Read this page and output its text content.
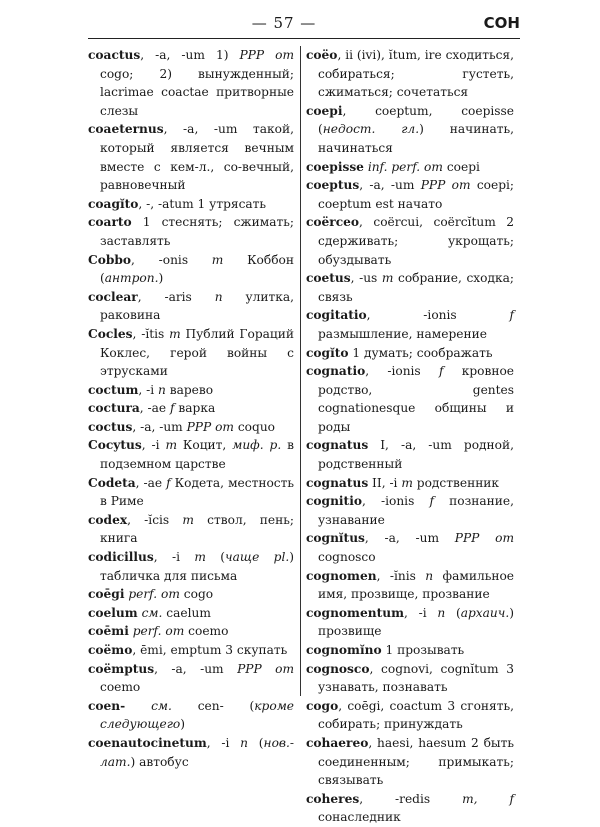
— 57 —	СОН

coactus, -a, -um 1) PPP от cogo; 2) вынужденный; lacrimae coactae притворные слезы

coaeternus, -a, -um такой, который является вечным вместе с кем-л., со-вечный, равновечный

coagĭto, -, -atum 1 утрясать

coarto 1 стеснять; сжимать; заставлять

Cobbo, -onis m Коббон (антроп.)

coclear, -aris n улитка, раковина

Cocles, -ĭtis m Публий Гораций Коклес, герой войны с этрусками

coctum, -i n варево

coctura, -ae f варка

coctus, -a, -um PPP от coquo

Cocytus, -i m Коцит, миф. р. в подземном царстве

Codeta, -ae f Кодета, местность в Риме

codex, -ĭcis m ствол, пень; книга

codicillus, -i m (чаще pl.) табличка для письма

coēgi perf. от cogo

coelum см. caelum

coēmi perf. от coemo

coëmo, ēmi, emptum 3 скупать

coëmptus, -a, -um PPP от coemo

coen- см. cen- (кроме следующего)

coenautocinetum, -i n (нов.-лат.) автобус

coëo, ii (ivi), ĭtum, ire сходиться, собираться; густеть, сжиматься; сочетаться

coepi, coeptum, coepisse (недост. гл.) начинать, начинаться

coepisse inf. perf. от coepi

coeptus, -a, -um PPP от coepi; coeptum est начато

coërceo, coërcui, coërcĭtum 2 сдерживать; укрощать; обуздывать

coetus, -us m собрание, сходка; связь

cogitatio, -ionis f размышление, намерение

cogĭto 1 думать; соображать

cognatio, -ionis f кровное родство, gentes cognationesque общины и роды

cognatus I, -a, -um родной, родственный

cognatus II, -i m родственник

cognitio, -ionis f познание, узнавание

cognĭtus, -a, -um PPP от cognosco

cognomen, -ĭnis n фамильное имя, прозвище, прозвание

cognomentum, -i n (архаич.) прозвище

cognomĭno 1 прозывать

cognosco, cognovi, cognĭtum 3 узнавать, познавать

cogo, coēgi, coactum 3 сгонять, собирать; принуждать

cohaereo, haesi, haesum 2 быть соединенным; примыкать; связывать

coheres, -redis m, f сонаследник
